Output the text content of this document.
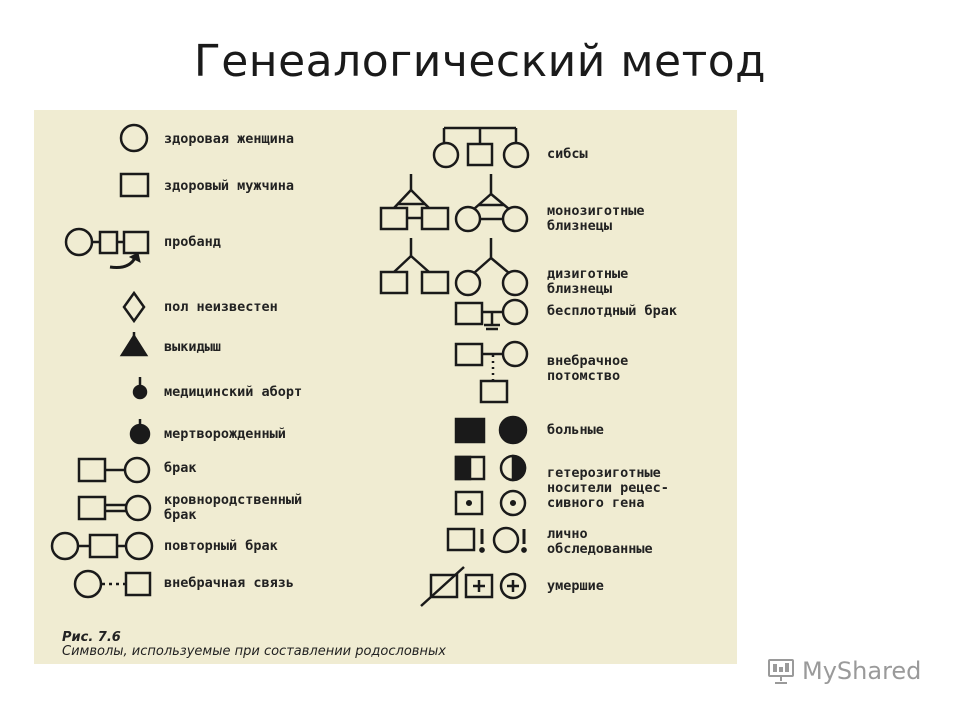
Генеалогический метод
здоровая женщина
здоровый мужчина
пробанд
пол неизвестен
выкидыш
медицинский аборт
мертворожденный
брак
кровнородственный
брак
повторный брак
внебрачная связь
сибсы
монозиготные
близнецы
дизиготные
близнецы
бесплотдный брак
внебрачное
потомство
больные
гетерозиготные
носители рецес-
сивного гена
лично
обследованные
умершие
Рис. 7.6
Символы, используемые при составлении родословных
MyShared
